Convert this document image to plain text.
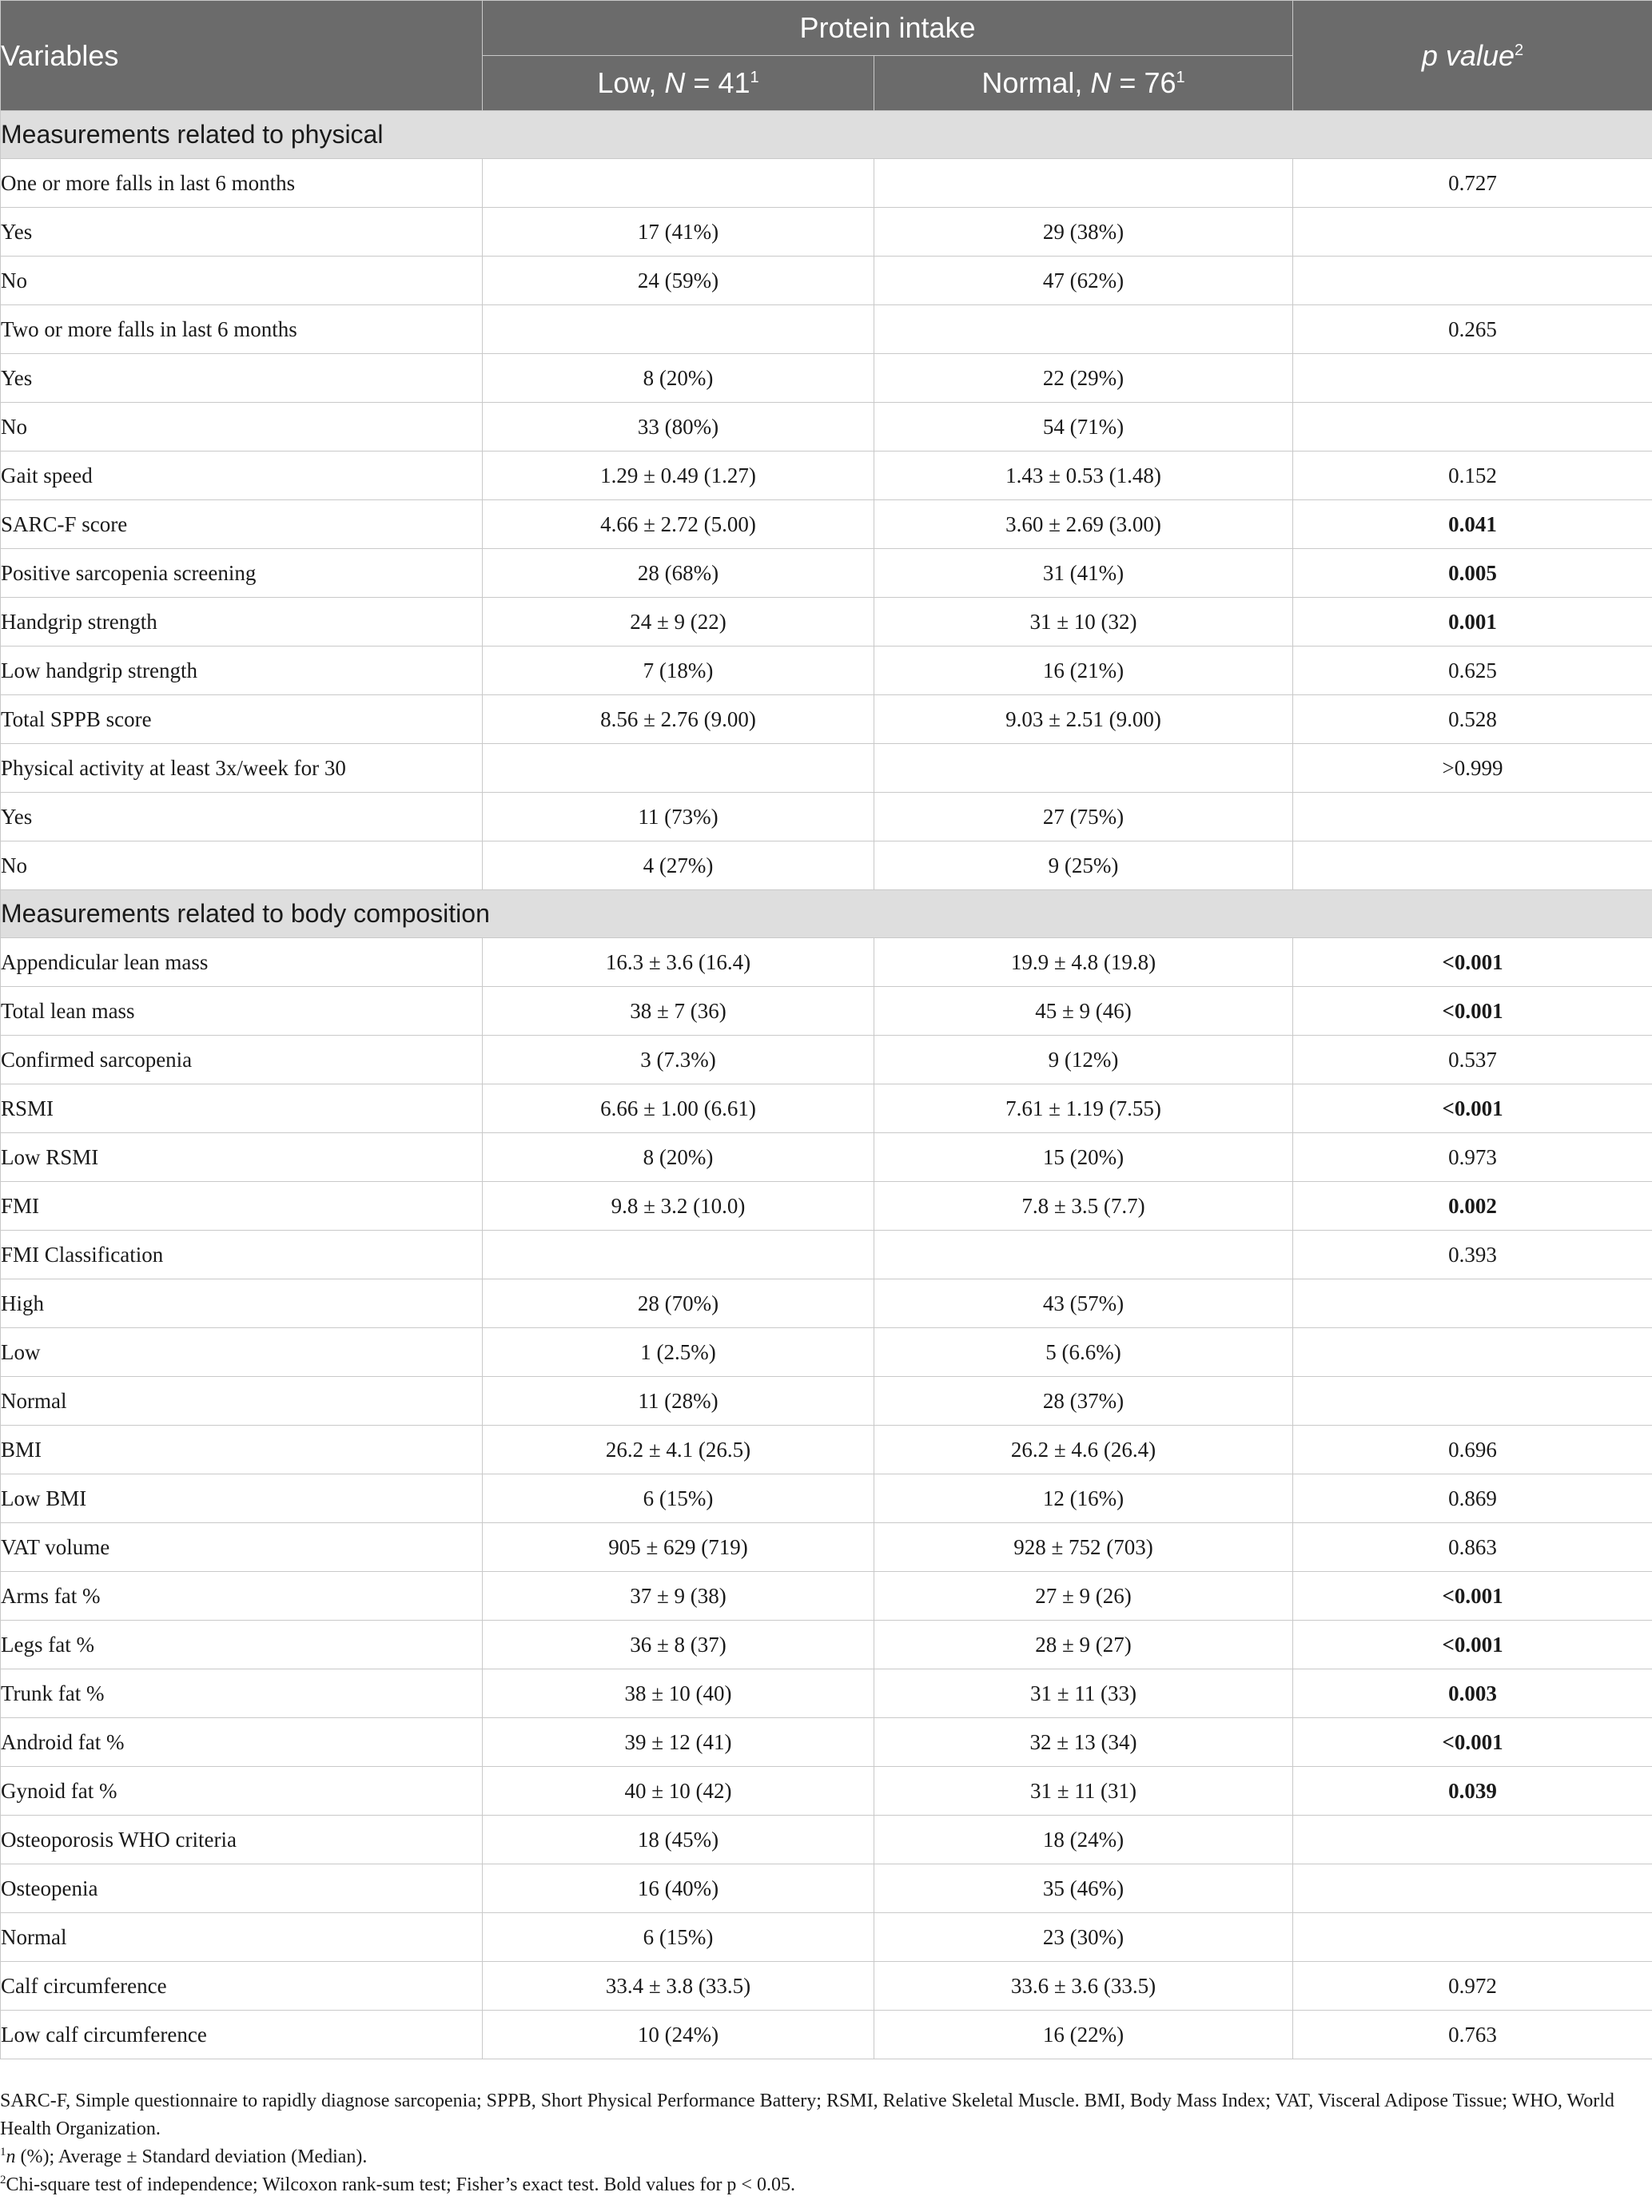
Variables	Protein intake		p value$^2$
	Low, $N = 41^1$	Normal, $N = 76^1$
Measurements related to physical			
One or more falls in last 6 months			0.727
Yes	17 (41%)	29 (38%)	
No	24 (59%)	47 (62%)	
Two or more falls in last 6 months			0.265
Yes	8 (20%)	22 (29%)	
No	33 (80%)	54 (71%)	
Gait speed	1.29 ± 0.49 (1.27)	1.43 ± 0.53 (1.48)	0.152
SARC-F score	4.66 ± 2.72 (5.00)	3.60 ± 2.69 (3.00)	0.041
Positive sarcopenia screening	28 (68%)	31 (41%)	0.005
Handgrip strength	24 ± 9 (22)	31 ± 10 (32)	0.001
Low handgrip strength	7 (18%)	16 (21%)	0.625
Total SPPB score	8.56 ± 2.76 (9.00)	9.03 ± 2.51 (9.00)	0.528
Physical activity at least 3x/week for 30			>0.999
Yes	11 (73%)	27 (75%)	
No	4 (27%)	9 (25%)	
Measurements related to body composition			
Appendicular lean mass	16.3 ± 3.6 (16.4)	19.9 ± 4.8 (19.8)	<0.001
Total lean mass	38 ± 7 (36)	45 ± 9 (46)	<0.001
Confirmed sarcopenia	3 (7.3%)	9 (12%)	0.537
RSMI	6.66 ± 1.00 (6.61)	7.61 ± 1.19 (7.55)	<0.001
Low RSMI	8 (20%)	15 (20%)	0.973
FMI	9.8 ± 3.2 (10.0)	7.8 ± 3.5 (7.7)	0.002
FMI Classification			0.393
High	28 (70%)	43 (57%)	
Low	1 (2.5%)	5 (6.6%)	
Normal	11 (28%)	28 (37%)	
BMI	26.2 ± 4.1 (26.5)	26.2 ± 4.6 (26.4)	0.696
Low BMI	6 (15%)	12 (16%)	0.869
VAT volume	905 ± 629 (719)	928 ± 752 (703)	0.863
Arms fat %	37 ± 9 (38)	27 ± 9 (26)	<0.001
Legs fat %	36 ± 8 (37)	28 ± 9 (27)	<0.001
Trunk fat %	38 ± 10 (40)	31 ± 11 (33)	0.003
Android fat %	39 ± 12 (41)	32 ± 13 (34)	<0.001
Gynoid fat %	40 ± 10 (42)	31 ± 11 (31)	0.039
Osteoporosis WHO criteria	18 (45%)	18 (24%)	
Osteopenia	16 (40%)	35 (46%)	
Normal	6 (15%)	23 (30%)	
Calf circumference	33.4 ± 3.8 (33.5)	33.6 ± 3.6 (33.5)	0.972
Low calf circumference	10 (24%)	16 (22%)	0.763

SARC-F, Simple questionnaire to rapidly diagnose sarcopenia; SPPB, Short Physical Performance Battery; RSMI, Relative Skeletal Muscle. BMI, Body Mass Index; VAT, Visceral Adipose Tissue; WHO, World Health Organization.

$^1$n (%); Average ± Standard deviation (Median).

$^2$Chi-square test of independence; Wilcoxon rank-sum test; Fisher’s exact test. Bold values for p < 0.05.
